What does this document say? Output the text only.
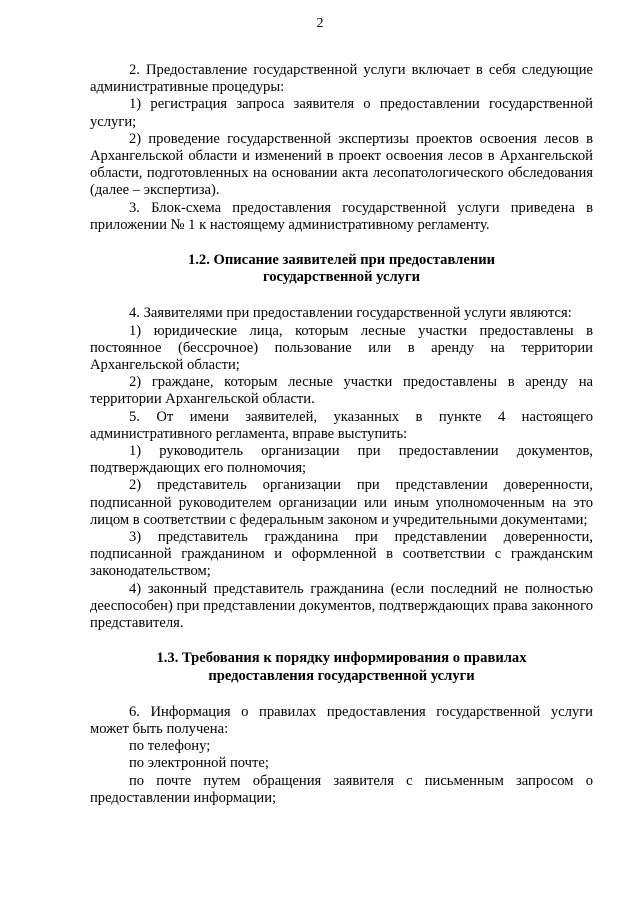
2

2. Предоставление государственной услуги включает в себя следующие административные процедуры:

1) регистрация запроса заявителя о предоставлении государственной услуги;

2) проведение государственной экспертизы проектов освоения лесов в Архангельской области и изменений в проект освоения лесов в Архангельской области, подготовленных на основании акта лесопатологического обследования (далее – экспертиза).

3. Блок-схема предоставления государственной услуги приведена в приложении № 1 к настоящему административному регламенту.

1.2. Описание заявителей при предоставлении

государственной услуги

4. Заявителями при предоставлении государственной услуги являются:

1) юридические лица, которым лесные участки предоставлены в постоянное (бессрочное) пользование или в аренду на территории Архангельской области;

2) граждане, которым лесные участки предоставлены в аренду на территории Архангельской области.

5. От имени заявителей, указанных в пункте 4 настоящего административного регламента, вправе выступить:

1) руководитель организации при предоставлении документов, подтверждающих его полномочия;

2) представитель организации при представлении доверенности, подписанной руководителем организации или иным уполномоченным на это лицом в соответствии с федеральным законом и учредительными документами;

3) представитель гражданина при представлении доверенности, подписанной гражданином и оформленной в соответствии с гражданским законодательством;

4) законный представитель гражданина (если последний не полностью дееспособен) при представлении документов, подтверждающих права законного представителя.

1.3. Требования к порядку информирования о правилах

предоставления государственной услуги

6. Информация о правилах предоставления государственной услуги может быть получена:

по телефону;

по электронной почте;

по почте путем обращения заявителя с письменным запросом о предоставлении информации;
